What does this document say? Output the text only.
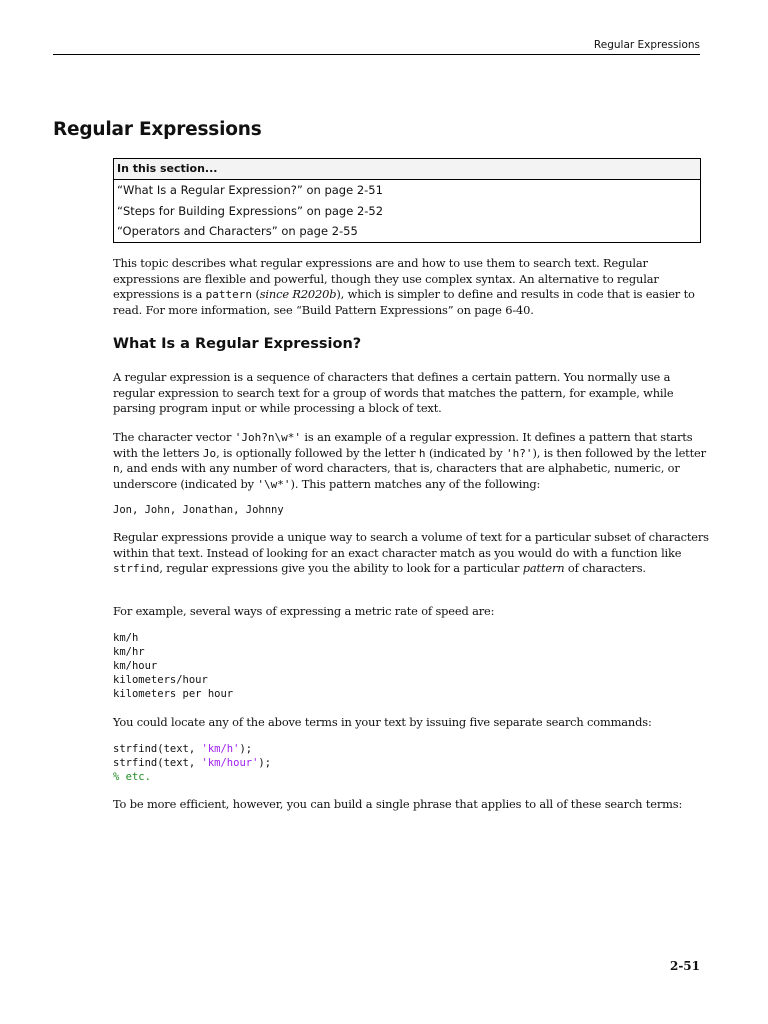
Regular Expressions
Regular Expressions
In this section...
“What Is a Regular Expression?” on page 2-51
“Steps for Building Expressions” on page 2-52
“Operators and Characters” on page 2-55

This topic describes what regular expressions are and how to use them to search text. Regular expressions are flexible and powerful, though they use complex syntax. An alternative to regular expressions is a pattern (since R2020b), which is simpler to define and results in code that is easier to read. For more information, see “Build Pattern Expressions” on page 6-40.

What Is a Regular Expression?

A regular expression is a sequence of characters that defines a certain pattern. You normally use a regular expression to search text for a group of words that matches the pattern, for example, while parsing program input or while processing a block of text.

The character vector 'Joh?n\w*' is an example of a regular expression. It defines a pattern that starts with the letters Jo, is optionally followed by the letter h (indicated by 'h?'), is then followed by the letter n, and ends with any number of word characters, that is, characters that are alphabetic, numeric, or underscore (indicated by '\w*'). This pattern matches any of the following:

Jon, John, Jonathan, Johnny

Regular expressions provide a unique way to search a volume of text for a particular subset of characters within that text. Instead of looking for an exact character match as you would do with a function like strfind, regular expressions give you the ability to look for a particular pattern of characters.

For example, several ways of expressing a metric rate of speed are:

km/h
km/hr
km/hour
kilometers/hour
kilometers per hour

You could locate any of the above terms in your text by issuing five separate search commands:

strfind(text, 'km/h');
strfind(text, 'km/hour');
% etc.

To be more efficient, however, you can build a single phrase that applies to all of these search terms:

2-51
